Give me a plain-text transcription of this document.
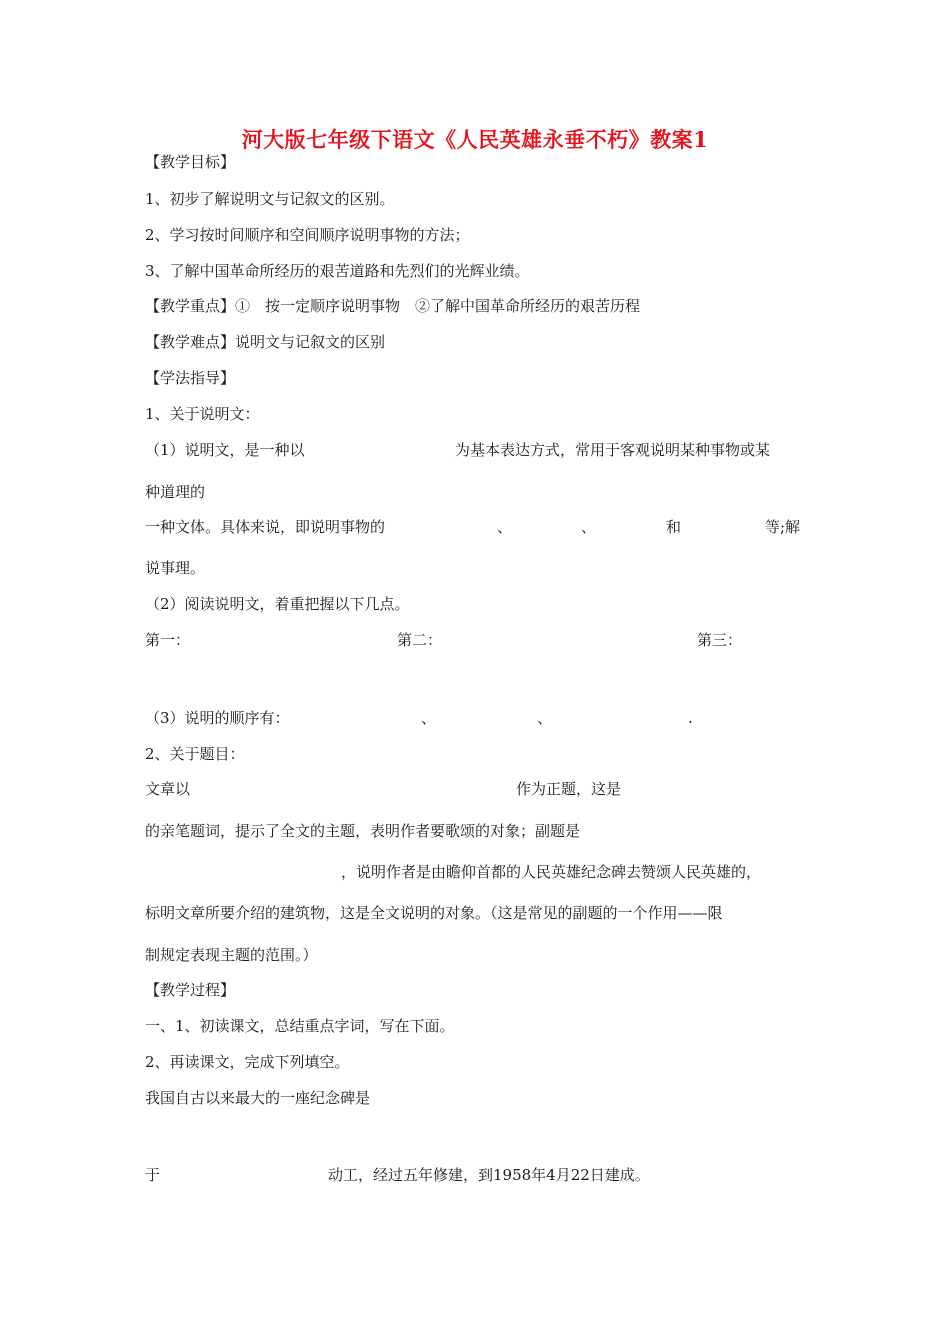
河大版七年级下语文《人民英雄永垂不朽》教案1
【教学目标】
1、初步了解说明文与记叙文的区别。
2、学习按时间顺序和空间顺序说明事物的方法；
3、了解中国革命所经历的艰苦道路和先烈们的光辉业绩。
【教学重点】①　按一定顺序说明事物　②了解中国革命所经历的艰苦历程
【教学难点】说明文与记叙文的区别
【学法指导】
1、关于说明文：
（1）说明文，是一种以	为基本表达方式，常用于客观说明某种事物或某
种道理的
一种文体。具体来说，即说明事物的	、	、	和	等;解
说事理。
（2）阅读说明文，着重把握以下几点。
第一：	第二：	第三：
（3）说明的顺序有：	、	、	.
2、关于题目：
文章以	作为正题，这是
的亲笔题词，提示了全文的主题，表明作者要歌颂的对象；副题是
，说明作者是由瞻仰首都的人民英雄纪念碑去赞颂人民英雄的，
标明文章所要介绍的建筑物，这是全文说明的对象。（这是常见的副题的一个作用——限
制规定表现主题的范围。）
【教学过程】
一、1、初读课文，总结重点字词，写在下面。
2、再读课文，完成下列填空。
我国自古以来最大的一座纪念碑是
于	动工，经过五年修建，到1958年4月22日建成。
